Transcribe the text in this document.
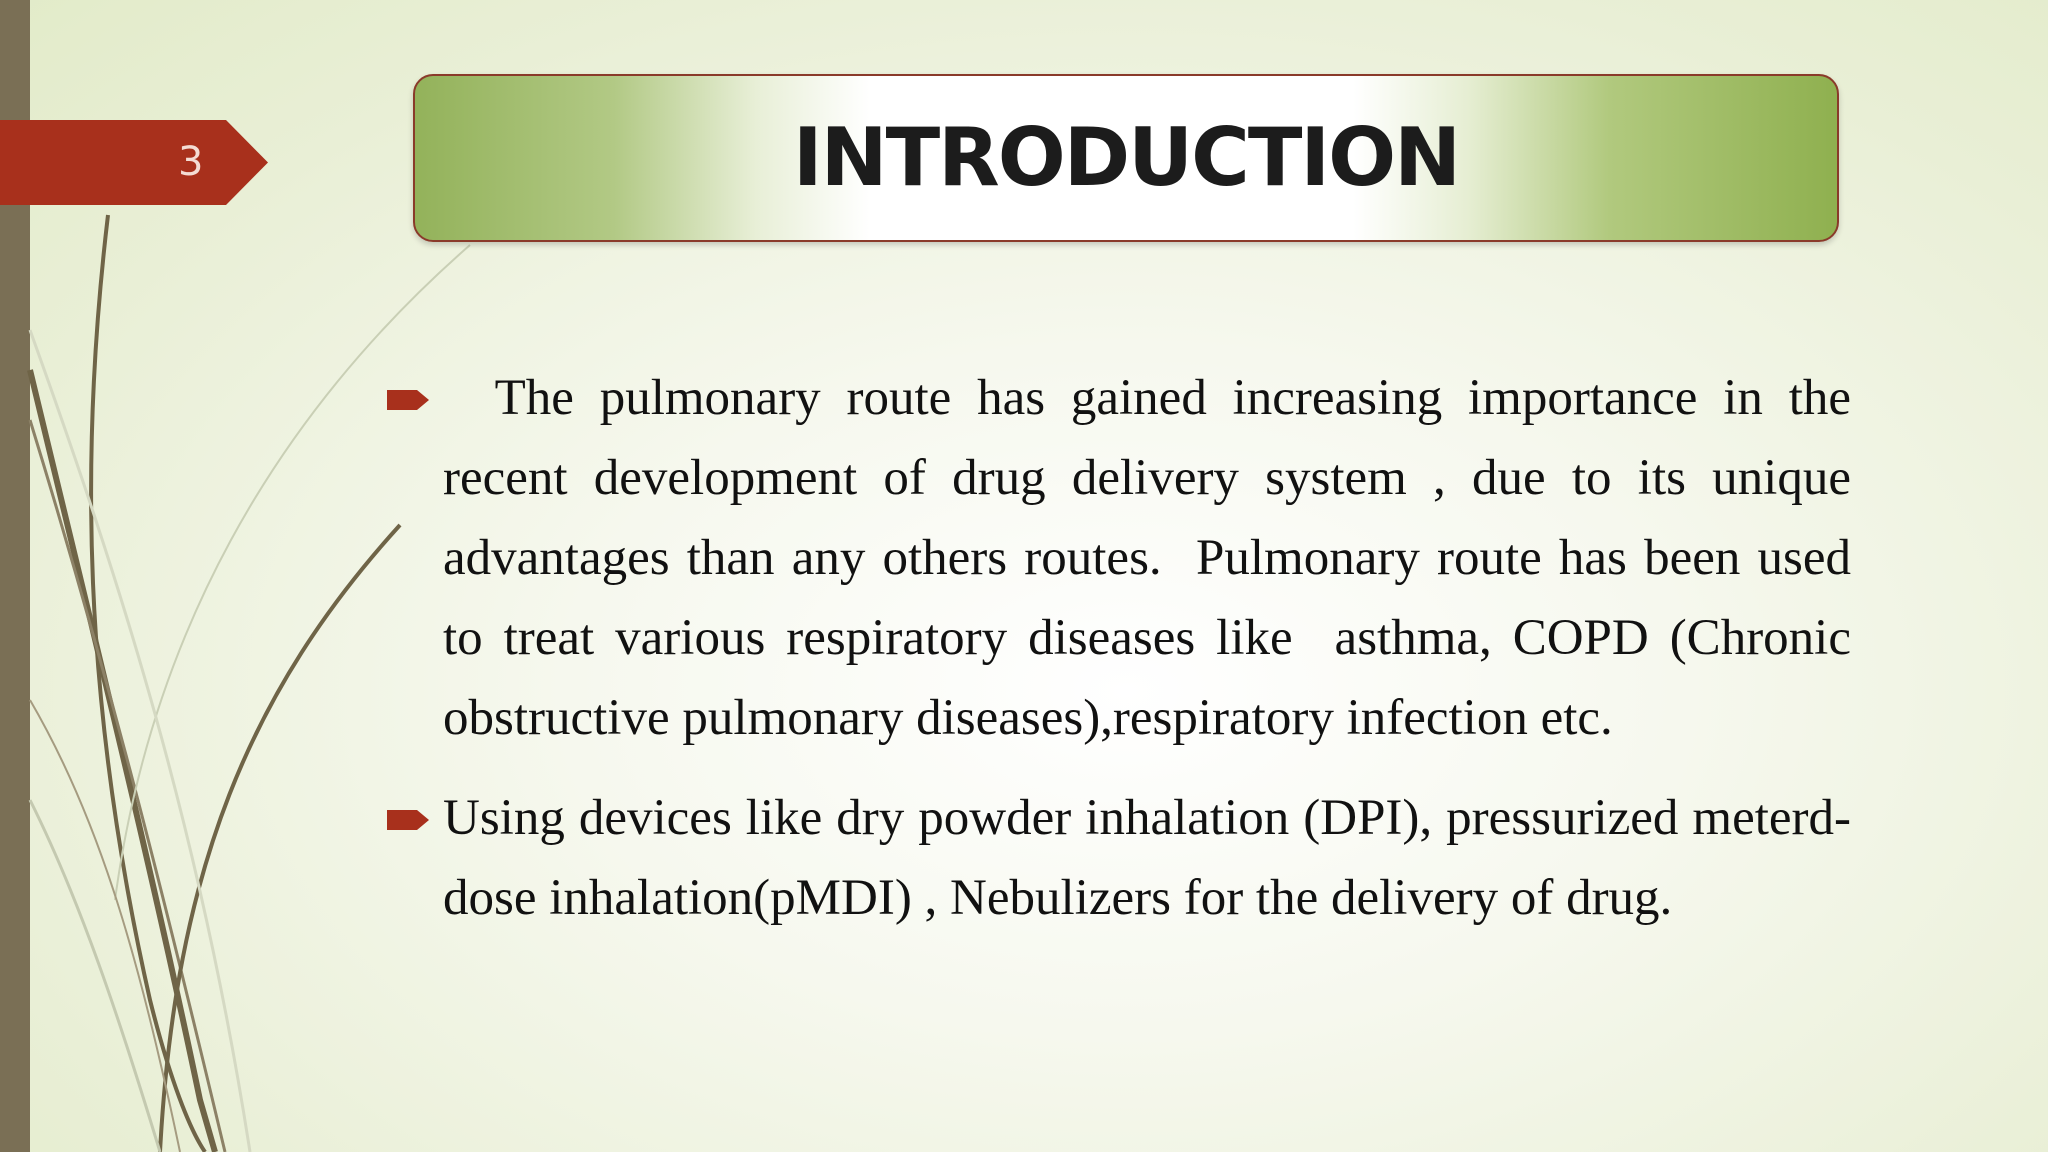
3	INTRODUCTION

The pulmonary route has gained increasing importance in the recent development of drug delivery system , due to its unique advantages than any others routes.  Pulmonary route has been used to treat various respiratory diseases like  asthma, COPD (Chronic obstructive pulmonary diseases),respiratory infection etc.

Using devices like dry powder inhalation (DPI), pressurized meterd-dose inhalation(pMDI) , Nebulizers for the delivery of drug.
